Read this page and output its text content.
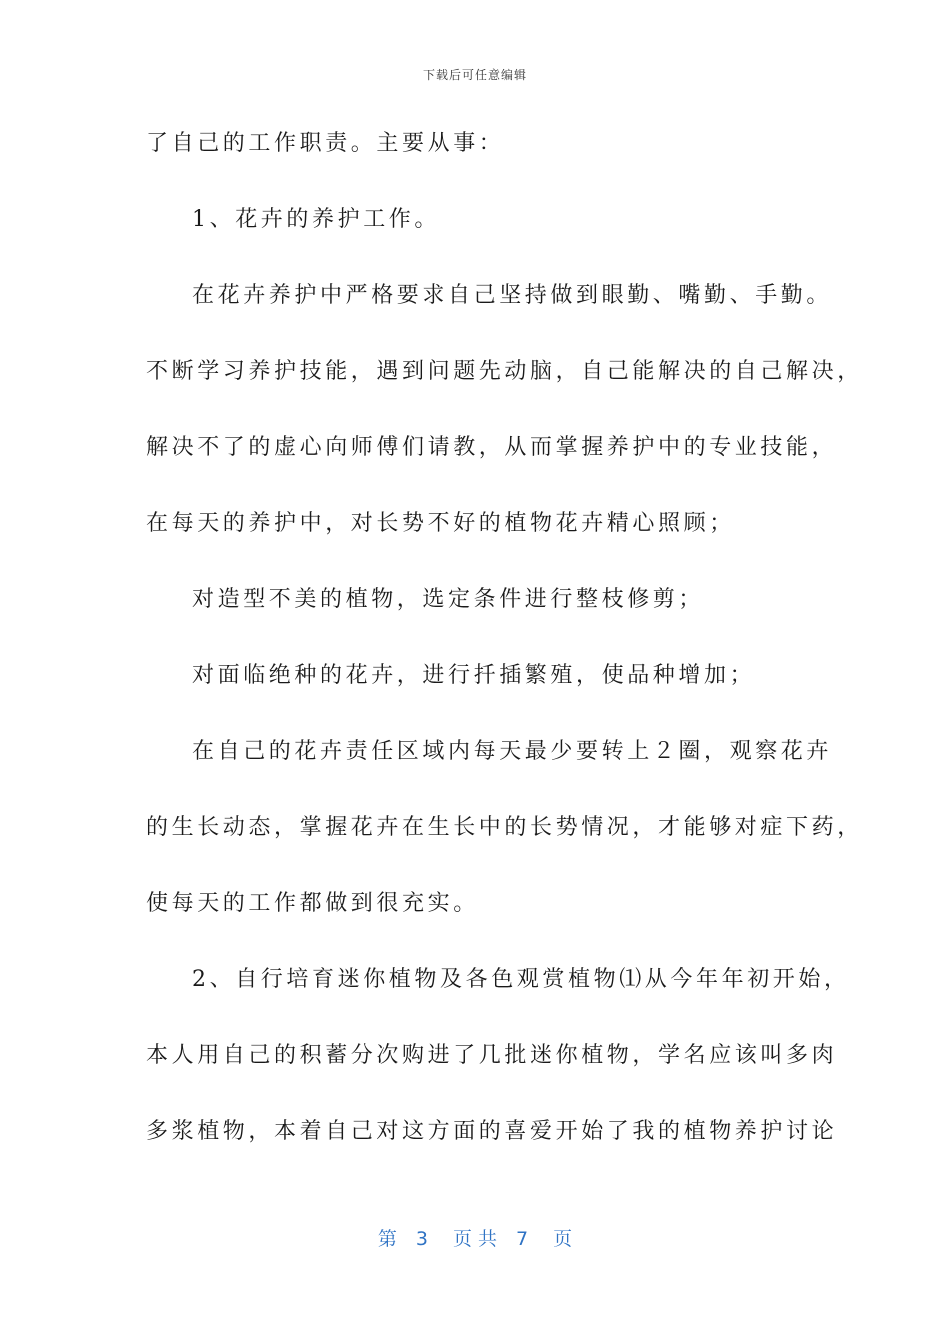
下载后可任意编辑
了自己的工作职责。主要从事：
1、花卉的养护工作。
在花卉养护中严格要求自己坚持做到眼勤、嘴勤、手勤。
不断学习养护技能，遇到问题先动脑，自己能解决的自己解决，
解决不了的虚心向师傅们请教，从而掌握养护中的专业技能，
在每天的养护中，对长势不好的植物花卉精心照顾；
对造型不美的植物，选定条件进行整枝修剪；
对面临绝种的花卉，进行扦插繁殖，使品种增加；
在自己的花卉责任区域内每天最少要转上２圈，观察花卉
的生长动态，掌握花卉在生长中的长势情况，才能够对症下药，
使每天的工作都做到很充实。
2、自行培育迷你植物及各色观赏植物⑴从今年年初开始，
本人用自己的积蓄分次购进了几批迷你植物，学名应该叫多肉
多浆植物，本着自己对这方面的喜爱开始了我的植物养护讨论
第　3　 页 共　7　 页
